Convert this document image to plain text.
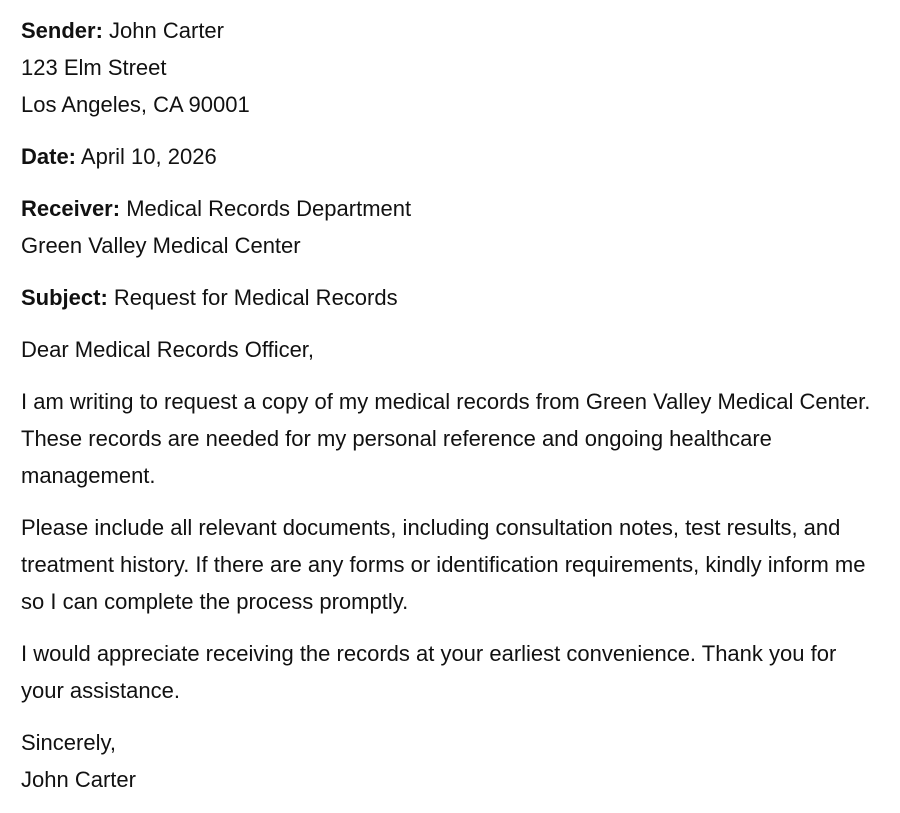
Sender: John Carter
123 Elm Street
Los Angeles, CA 90001
Date: April 10, 2026
Receiver: Medical Records Department
Green Valley Medical Center
Subject: Request for Medical Records
Dear Medical Records Officer,
I am writing to request a copy of my medical records from Green Valley Medical Center. These records are needed for my personal reference and ongoing healthcare management.
Please include all relevant documents, including consultation notes, test results, and treatment history. If there are any forms or identification requirements, kindly inform me so I can complete the process promptly.
I would appreciate receiving the records at your earliest convenience. Thank you for your assistance.
Sincerely,
John Carter
